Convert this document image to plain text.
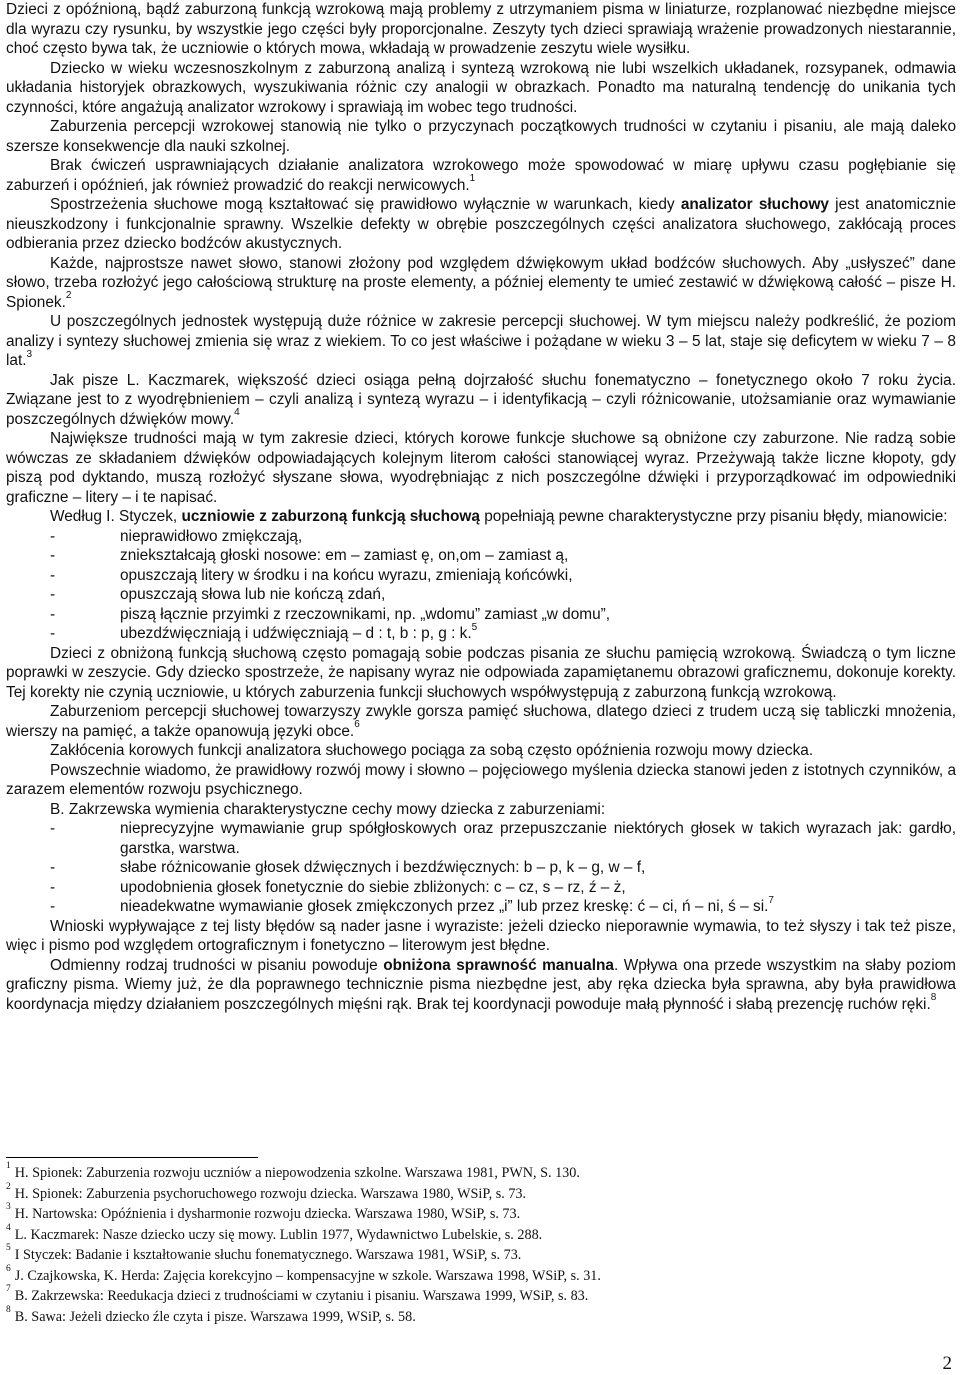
Dzieci z opóźnioną, bądź zaburzoną funkcją wzrokową mają problemy z utrzymaniem pisma w liniaturze, rozplanować niezbędne miejsce dla wyrazu czy rysunku, by wszystkie jego części były proporcjonalne. Zeszyty tych dzieci sprawiają wrażenie prowadzonych niestarannie, choć często bywa tak, że uczniowie o których mowa, wkładają w prowadzenie zeszytu wiele wysiłku.

Dziecko w wieku wczesnoszkolnym z zaburzoną analizą i syntezą wzrokową nie lubi wszelkich układanek, rozsypanek, odmawia układania historyjek obrazkowych, wyszukiwania różnic czy analogii w obrazkach. Ponadto ma naturalną tendencję do unikania tych czynności, które angażują analizator wzrokowy i sprawiają im wobec tego trudności.

Zaburzenia percepcji wzrokowej stanowią nie tylko o przyczynach początkowych trudności w czytaniu i pisaniu, ale mają daleko szersze konsekwencje dla nauki szkolnej.

Brak ćwiczeń usprawniających działanie analizatora wzrokowego może spowodować w miarę upływu czasu pogłębianie się zaburzeń i opóźnień, jak również prowadzić do reakcji nerwicowych.$^1$

Spostrzeżenia słuchowe mogą kształtować się prawidłowo wyłącznie w warunkach, kiedy analizator słuchowy jest anatomicznie nieuszkodzony i funkcjonalnie sprawny. Wszelkie defekty w obrębie poszczególnych części analizatora słuchowego, zakłócają proces odbierania przez dziecko bodźców akustycznych.

Każde, najprostsze nawet słowo, stanowi złożony pod względem dźwiękowym układ bodźców słuchowych. Aby „usłyszeć” dane słowo, trzeba rozłożyć jego całościową strukturę na proste elementy, a później elementy te umieć zestawić w dźwiękową całość – pisze H. Spionek.$^2$

U poszczególnych jednostek występują duże różnice w zakresie percepcji słuchowej. W tym miejscu należy podkreślić, że poziom analizy i syntezy słuchowej zmienia się wraz z wiekiem. To co jest właściwe i pożądane w wieku 3 – 5 lat, staje się deficytem w wieku 7 – 8 lat.$^3$

Jak pisze L. Kaczmarek, większość dzieci osiąga pełną dojrzałość słuchu fonematyczno – fonetycznego około 7 roku życia. Związane jest to z wyodrębnieniem – czyli analizą i syntezą wyrazu – i identyfikacją – czyli różnicowanie, utożsamianie oraz wymawianie poszczególnych dźwięków mowy.$^4$

Największe trudności mają w tym zakresie dzieci, których korowe funkcje słuchowe są obniżone czy zaburzone. Nie radzą sobie wówczas ze składaniem dźwięków odpowiadających kolejnym literom całości stanowiącej wyraz. Przeżywają także liczne kłopoty, gdy piszą pod dyktando, muszą rozłożyć słyszane słowa, wyodrębniając z nich poszczególne dźwięki i przyporządkować im odpowiedniki graficzne – litery – i te napisać.

Według I. Styczek, uczniowie z zaburzoną funkcją słuchową popełniają pewne charakterystyczne przy pisaniu błędy, mianowicie:

-	nieprawidłowo zmiękczają,
-	zniekształcają głoski nosowe: em – zamiast ę, on,om – zamiast ą,
-	opuszczają litery w środku i na końcu wyrazu, zmieniają końcówki,
-	opuszczają słowa lub nie kończą zdań,
-	piszą łącznie przyimki z rzeczownikami, np. „wdomu” zamiast „w domu”,
-	ubezdźwięczniają i udźwięczniają – d : t, b : p, g : k.$^5$

Dzieci z obniżoną funkcją słuchową często pomagają sobie podczas pisania ze słuchu pamięcią wzrokową. Świadczą o tym liczne poprawki w zeszycie. Gdy dziecko spostrzeże, że napisany wyraz nie odpowiada zapamiętanemu obrazowi graficznemu, dokonuje korekty. Tej korekty nie czynią uczniowie, u których zaburzenia funkcji słuchowych współwystępują z zaburzoną funkcją wzrokową.

Zaburzeniom percepcji słuchowej towarzyszy zwykle gorsza pamięć słuchowa, dlatego dzieci z trudem uczą się tabliczki mnożenia, wierszy na pamięć, a także opanowują języki obce.$^6$

Zakłócenia korowych funkcji analizatora słuchowego pociąga za sobą często opóźnienia rozwoju mowy dziecka.

Powszechnie wiadomo, że prawidłowy rozwój mowy i słowno – pojęciowego myślenia dziecka stanowi jeden z istotnych czynników, a zarazem elementów rozwoju psychicznego.

B. Zakrzewska wymienia charakterystyczne cechy mowy dziecka z zaburzeniami:

-	nieprecyzyjne wymawianie grup spółgłoskowych oraz przepuszczanie niektórych głosek w takich wyrazach jak: gardło, garstka, warstwa.
-	słabe różnicowanie głosek dźwięcznych i bezdźwięcznych: b – p, k – g, w – f,
-	upodobnienia głosek fonetycznie do siebie zbliżonych: c – cz, s – rz, ź – ż,
-	nieadekwatne wymawianie głosek zmiękczonych przez „i” lub przez kreskę: ć – ci, ń – ni, ś – si.$^7$

Wnioski wypływające z tej listy błędów są nader jasne i wyraziste: jeżeli dziecko nieporawnie wymawia, to też słyszy i tak też pisze, więc i pismo pod względem ortograficznym i fonetyczno – literowym jest błędne.

Odmienny rodzaj trudności w pisaniu powoduje obniżona sprawność manualna. Wpływa ona przede wszystkim na słaby poziom graficzny pisma. Wiemy już, że dla poprawnego technicznie pisma niezbędne jest, aby ręka dziecka była sprawna, aby była prawidłowa koordynacja między działaniem poszczególnych mięśni rąk. Brak tej koordynacji powoduje małą płynność i słabą prezencję ruchów ręki.$^8$

$^1$ H. Spionek: Zaburzenia rozwoju uczniów a niepowodzenia szkolne. Warszawa 1981, PWN, S. 130.

$^2$ H. Spionek: Zaburzenia psychoruchowego rozwoju dziecka. Warszawa 1980, WSiP, s. 73.

$^3$ H. Nartowska: Opóźnienia i dysharmonie rozwoju dziecka. Warszawa 1980, WSiP, s. 73.

$^4$ L. Kaczmarek: Nasze dziecko uczy się mowy. Lublin 1977, Wydawnictwo Lubelskie, s. 288.

$^5$ I Styczek: Badanie i kształtowanie słuchu fonematycznego. Warszawa 1981, WSiP, s. 73.

$^6$ J. Czajkowska, K. Herda: Zajęcia korekcyjno – kompensacyjne w szkole. Warszawa 1998, WSiP, s. 31.

$^7$ B. Zakrzewska: Reedukacja dzieci z trudnościami w czytaniu i pisaniu. Warszawa 1999, WSiP, s. 83.

$^8$ B. Sawa: Jeżeli dziecko źle czyta i pisze. Warszawa 1999, WSiP, s. 58.

2
